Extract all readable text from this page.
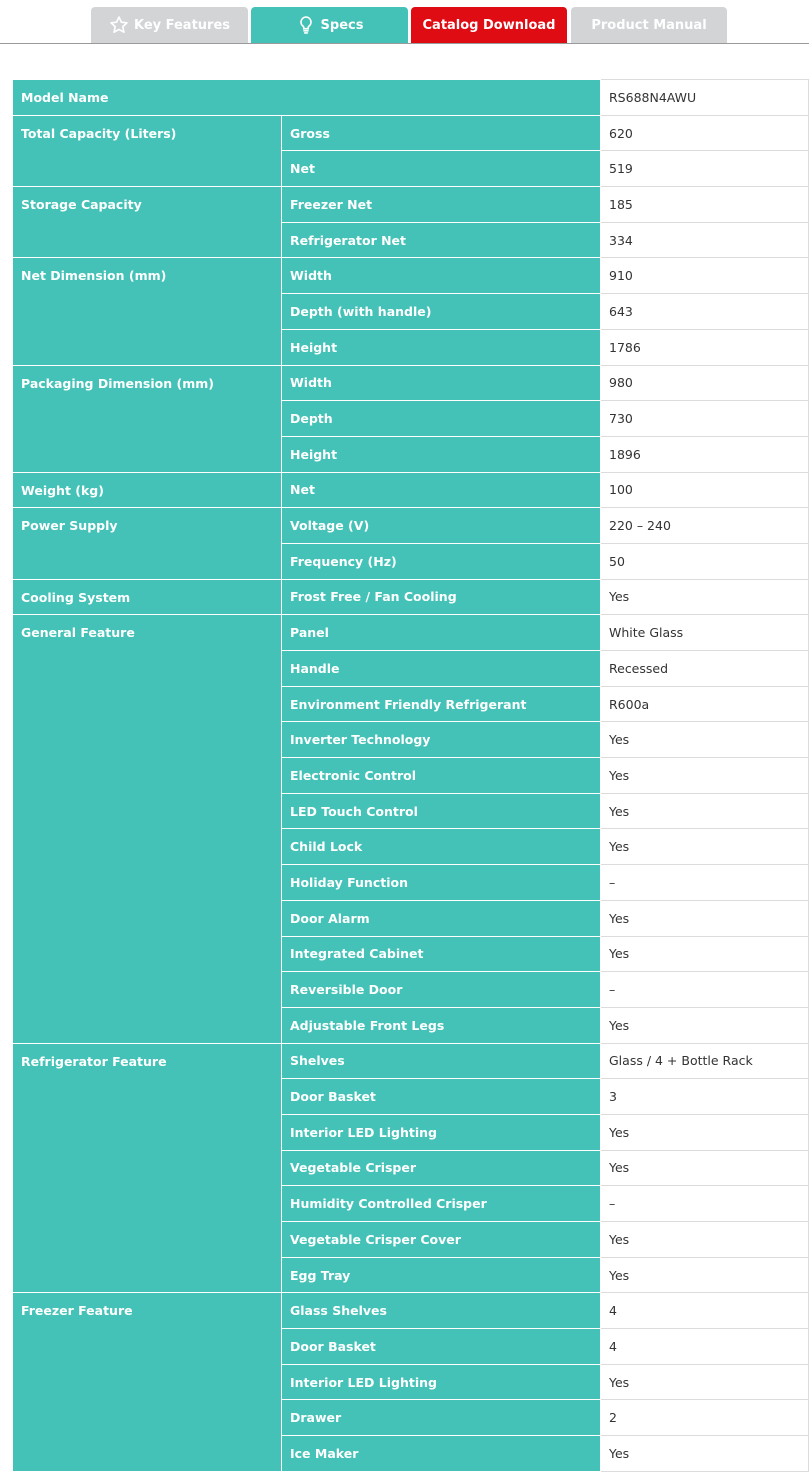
Key Features	Specs	Catalog Download	Product Manual
Model Name		RS688N4AWU
Total Capacity (Liters)	Gross	620
	Net	519
Storage Capacity	Freezer Net	185
	Refrigerator Net	334
Net Dimension (mm)	Width	910
	Depth (with handle)	643
	Height	1786
Packaging Dimension (mm)	Width	980
	Depth	730
	Height	1896
Weight (kg)	Net	100
Power Supply	Voltage (V)	220 – 240
	Frequency (Hz)	50
Cooling System	Frost Free / Fan Cooling	Yes
General Feature	Panel	White Glass
	Handle	Recessed
	Environment Friendly Refrigerant	R600a
	Inverter Technology	Yes
	Electronic Control	Yes
	LED Touch Control	Yes
	Child Lock	Yes
	Holiday Function	–
	Door Alarm	Yes
	Integrated Cabinet	Yes
	Reversible Door	–
	Adjustable Front Legs	Yes
Refrigerator Feature	Shelves	Glass / 4 + Bottle Rack
	Door Basket	3
	Interior LED Lighting	Yes
	Vegetable Crisper	Yes
	Humidity Controlled Crisper	–
	Vegetable Crisper Cover	Yes
	Egg Tray	Yes
Freezer Feature	Glass Shelves	4
	Door Basket	4
	Interior LED Lighting	Yes
	Drawer	2
	Ice Maker	Yes
